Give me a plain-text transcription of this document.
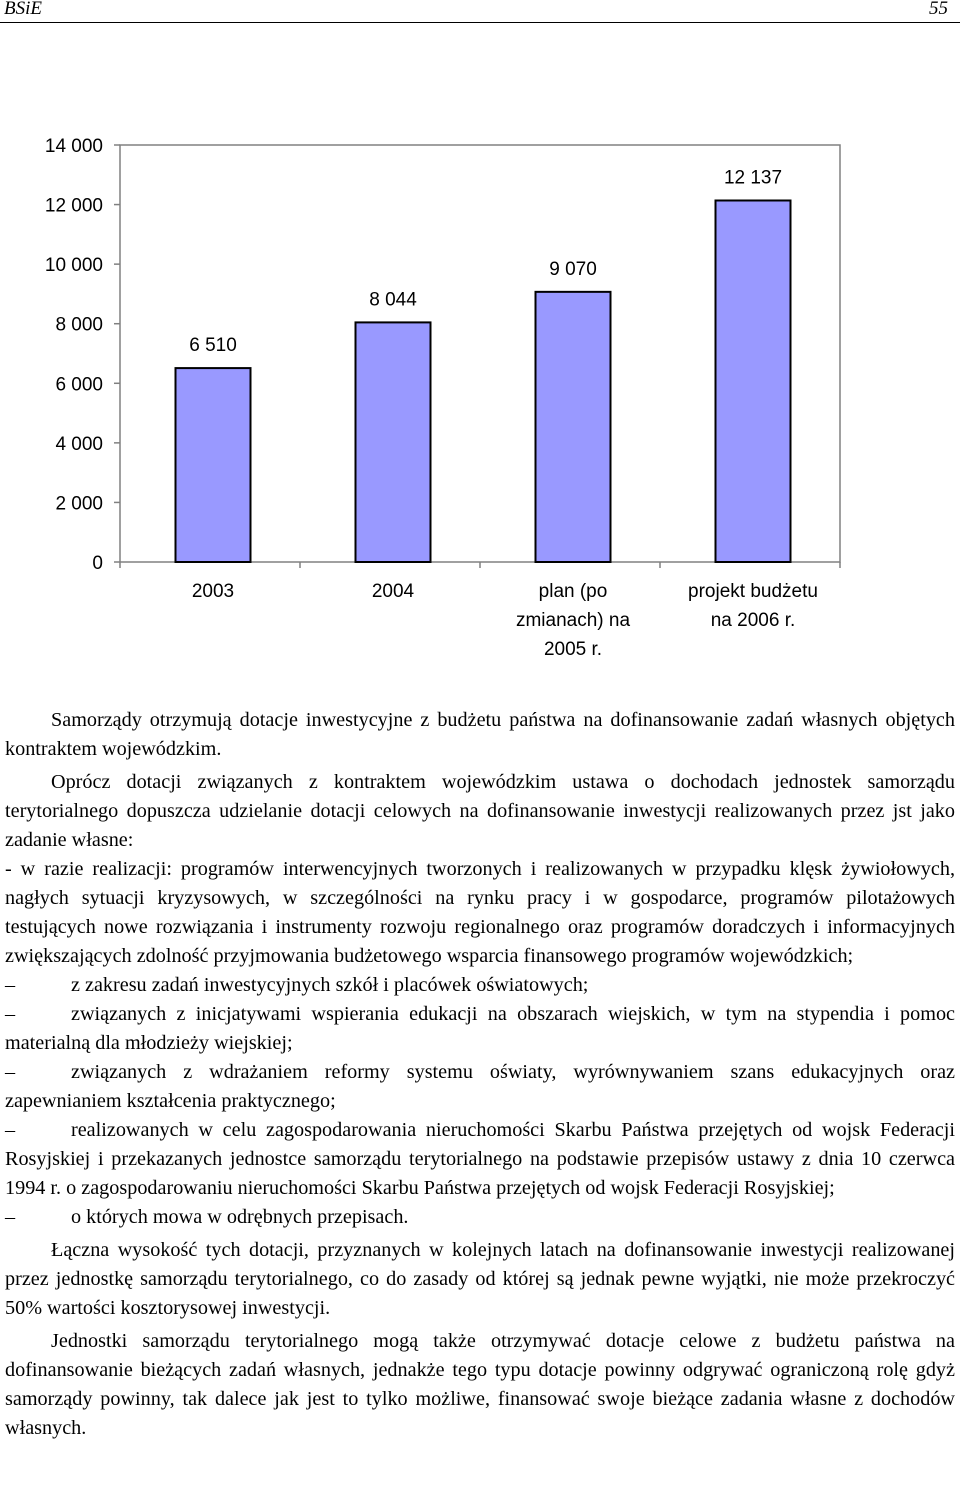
BSiE	55
0
2 000
4 000
6 000
8 000
10 000
12 000
14 000
6 510
2003
8 044
2004
9 070
plan (po
zmianach) na
2005 r.
12 137
projekt budżetu
na 2006 r.

Samorządy otrzymują dotacje inwestycyjne z budżetu państwa na dofinansowanie zadań własnych objętych kontraktem wojewódzkim.

Oprócz dotacji związanych z kontraktem wojewódzkim ustawa o dochodach jednostek samorządu terytorialnego dopuszcza udzielanie dotacji celowych na dofinansowanie inwestycji realizowanych przez jst jako zadanie własne:

- w razie realizacji: programów interwencyjnych tworzonych i realizowanych w przypadku klęsk żywiołowych, nagłych sytuacji kryzysowych, w szczególności na rynku pracy i w gospodarce, programów pilotażowych testujących nowe rozwiązania i instrumenty rozwoju regionalnego oraz programów doradczych i informacyjnych zwiększających zdolność przyjmowania budżetowego wsparcia finansowego programów wojewódzkich;

–	z zakresu zadań inwestycyjnych szkół i placówek oświatowych;

–	związanych z inicjatywami wspierania edukacji na obszarach wiejskich, w tym na stypendia i pomoc materialną dla młodzieży wiejskiej;

–	związanych z wdrażaniem reformy systemu oświaty, wyrównywaniem szans edukacyjnych oraz zapewnianiem kształcenia praktycznego;

–	realizowanych w celu zagospodarowania nieruchomości Skarbu Państwa przejętych od wojsk Federacji Rosyjskiej i przekazanych jednostce samorządu terytorialnego na podstawie przepisów ustawy z dnia 10 czerwca 1994 r. o zagospodarowaniu nieruchomości Skarbu Państwa przejętych od wojsk Federacji Rosyjskiej;

–	o których mowa w odrębnych przepisach.

Łączna wysokość tych dotacji, przyznanych w kolejnych latach na dofinansowanie inwestycji realizowanej przez jednostkę samorządu terytorialnego, co do zasady od której są jednak pewne wyjątki, nie może przekroczyć 50% wartości kosztorysowej inwestycji.

Jednostki samorządu terytorialnego mogą także otrzymywać dotacje celowe z budżetu państwa na dofinansowanie bieżących zadań własnych, jednakże tego typu dotacje powinny odgrywać ograniczoną rolę gdyż samorządy powinny, tak dalece jak jest to tylko możliwe, finansować swoje bieżące zadania własne z dochodów własnych.
